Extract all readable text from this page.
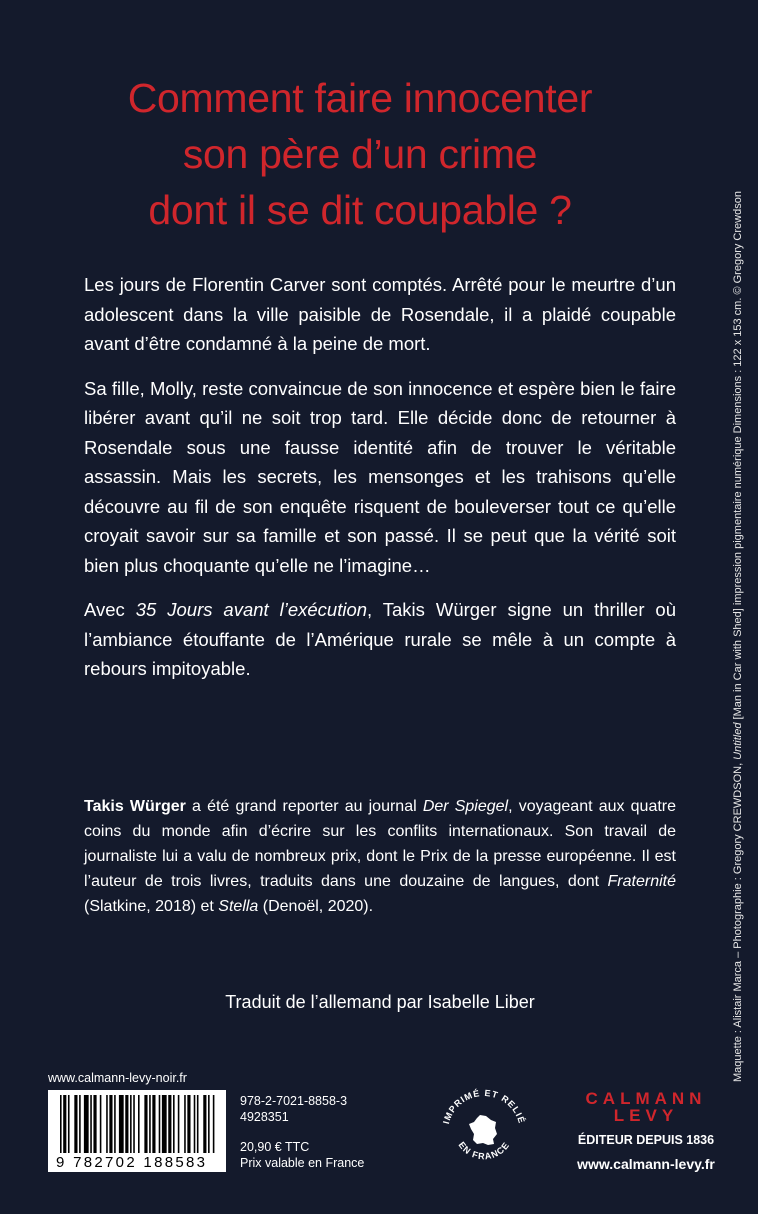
Comment faire innocenter
son père d’un crime
dont il se dit coupable ?

Les jours de Florentin Carver sont comptés. Arrêté pour le meurtre d’un adolescent dans la ville paisible de Rosendale, il a plaidé coupable avant d’être condamné à la peine de mort.

Sa fille, Molly, reste convaincue de son innocence et espère bien le faire libérer avant qu’il ne soit trop tard. Elle décide donc de retourner à Rosendale sous une fausse identité afin de trouver le véritable assassin. Mais les secrets, les mensonges et les trahisons qu’elle découvre au fil de son enquête risquent de bouleverser tout ce qu’elle croyait savoir sur sa famille et son passé. Il se peut que la vérité soit bien plus choquante qu’elle ne l’imagine…

Avec 35 Jours avant l’exécution, Takis Würger signe un thriller où l’ambiance étouffante de l’Amérique rurale se mêle à un compte à rebours impitoyable.

Takis Würger a été grand reporter au journal Der Spiegel, voyageant aux quatre coins du monde afin d’écrire sur les conflits internationaux. Son travail de journaliste lui a valu de nombreux prix, dont le Prix de la presse européenne. Il est l’auteur de trois livres, traduits dans une douzaine de langues, dont Fraternité (Slatkine, 2018) et Stella (Denoël, 2020).

Traduit de l’allemand par Isabelle Liber	Maquette : Alistair Marca – Photographie : Gregory CREWDSON, Untitled [Man in Car with Shed] impression pigmentaire numérique Dimensions : 122 x 153 cm. © Gregory Crewdson
www.calmann-levy-noir.fr
9 782702 188583
978-2-7021-8858-3
4928351
20,90 € TTC
Prix valable en France
IMPRIMÉ ET RELIÉ
EN FRANCE
CALMANN
LEVY
ÉDITEUR DEPUIS 1836
www.calmann-levy.fr
